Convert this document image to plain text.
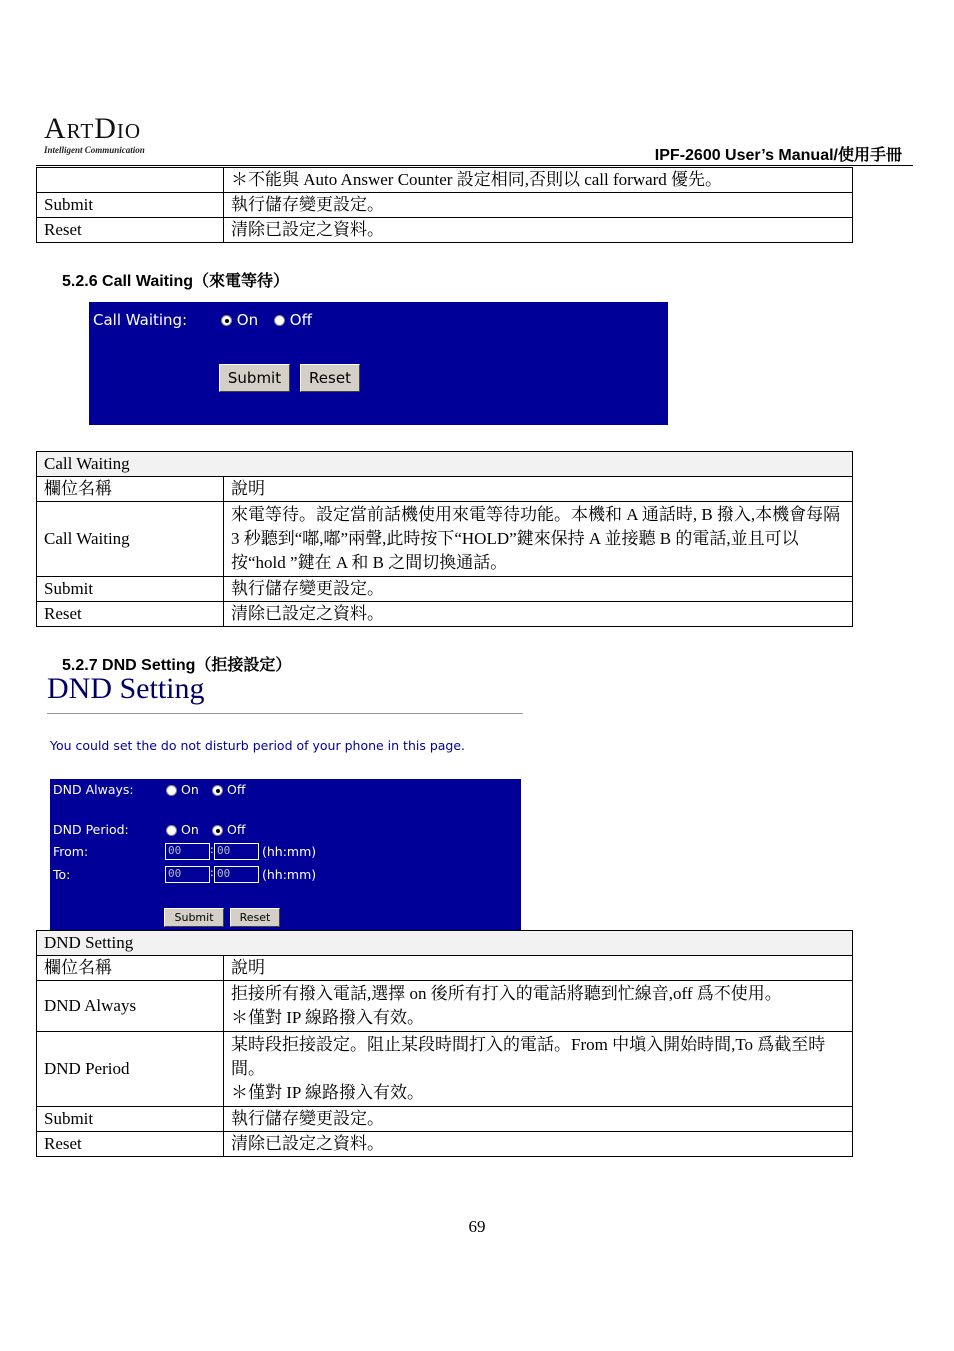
ARTDIO
Intelligent Communication	IPF-2600 User’s Manual/使用手冊
	＊不能與 Auto Answer Counter 設定相同,否則以 call forward 優先。
Submit	執行儲存變更設定。
Reset	清除已設定之資料。
5.2.6 Call Waiting（來電等待）
Call Waiting:	On	Off
Submit	Reset
Call Waiting	
欄位名稱	說明
Call Waiting	來電等待。設定當前話機使用來電等待功能。本機和 A 通話時, B 撥入,本機會每隔 3 秒聽到“嘟,嘟”兩聲,此時按下“HOLD”鍵來保持 A 並接聽 B 的電話,並且可以按“hold ”鍵在 A 和 B 之間切換通話。
Submit	執行儲存變更設定。
Reset	清除已設定之資料。
5.2.7 DND Setting（拒接設定）
DND Setting
You could set the do not disturb period of your phone in this page.
DND Always:	On	Off
DND Period:	On	Off
From:	00	: 00	(hh:mm)
To:	00	: 00	(hh:mm)
Submit	Reset
DND Setting	
欄位名稱	說明
DND Always	拒接所有撥入電話,選擇 on 後所有打入的電話將聽到忙線音,off 爲不使用。
＊僅對 IP 線路撥入有效。

DND Period	某時段拒接設定。阻止某段時間打入的電話。From 中塡入開始時間,To 爲截至時間。
＊僅對 IP 線路撥入有效。

Submit	執行儲存變更設定。
Reset	清除已設定之資料。
69
